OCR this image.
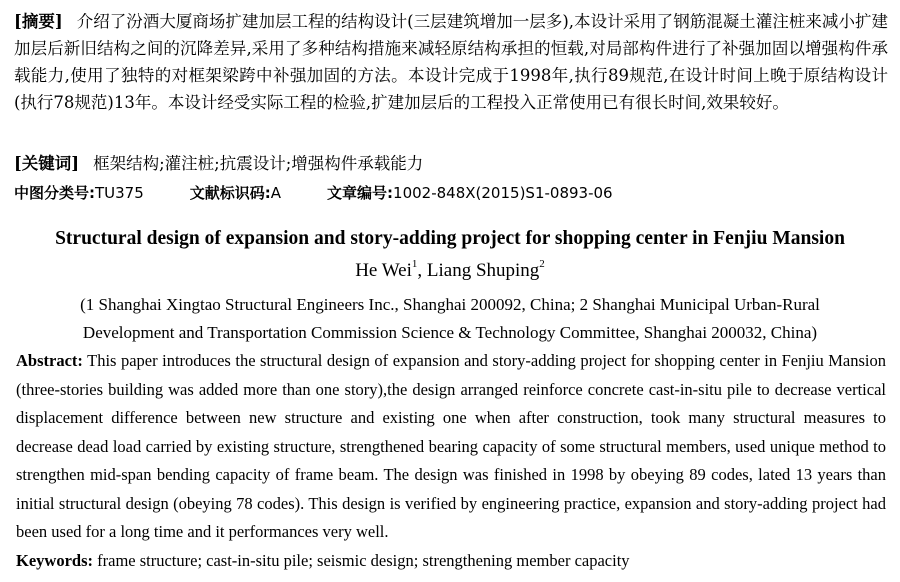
[摘要] 介绍了汾酒大厦商场扩建加层工程的结构设计(三层建筑增加一层多),本设计采用了钢筋混凝土灌注桩来减小扩建加层后新旧结构之间的沉降差异,采用了多种结构措施来减轻原结构承担的恒载,对局部构件进行了补强加固以增强构件承载能力,使用了独特的对框架梁跨中补强加固的方法。本设计完成于1998年,执行89规范,在设计时间上晚于原结构设计(执行78规范)13年。本设计经受实际工程的检验,扩建加层后的工程投入正常使用已有很长时间,效果较好。
[关键词] 框架结构;灌注桩;抗震设计;增强构件承载能力
中图分类号:TU375	文献标识码:A	文章编号:1002-848X(2015)S1-0893-06
Structural design of expansion and story-adding project for shopping center in Fenjiu Mansion
He Wei$^1$, Liang Shuping$^2$
(1 Shanghai Xingtao Structural Engineers Inc., Shanghai 200092, China; 2 Shanghai Municipal Urban-Rural Development and Transportation Commission Science & Technology Committee, Shanghai 200032, China)
Abstract: This paper introduces the structural design of expansion and story-adding project for shopping center in Fenjiu Mansion (three-stories building was added more than one story),the design arranged reinforce concrete cast-in-situ pile to decrease vertical displacement difference between new structure and existing one when after construction, took many structural measures to decrease dead load carried by existing structure, strengthened bearing capacity of some structural members, used unique method to strengthen mid-span bending capacity of frame beam. The design was finished in 1998 by obeying 89 codes, lated 13 years than initial structural design (obeying 78 codes). This design is verified by engineering practice, expansion and story-adding project had been used for a long time and it performances very well.
Keywords: frame structure; cast-in-situ pile; seismic design; strengthening member capacity
